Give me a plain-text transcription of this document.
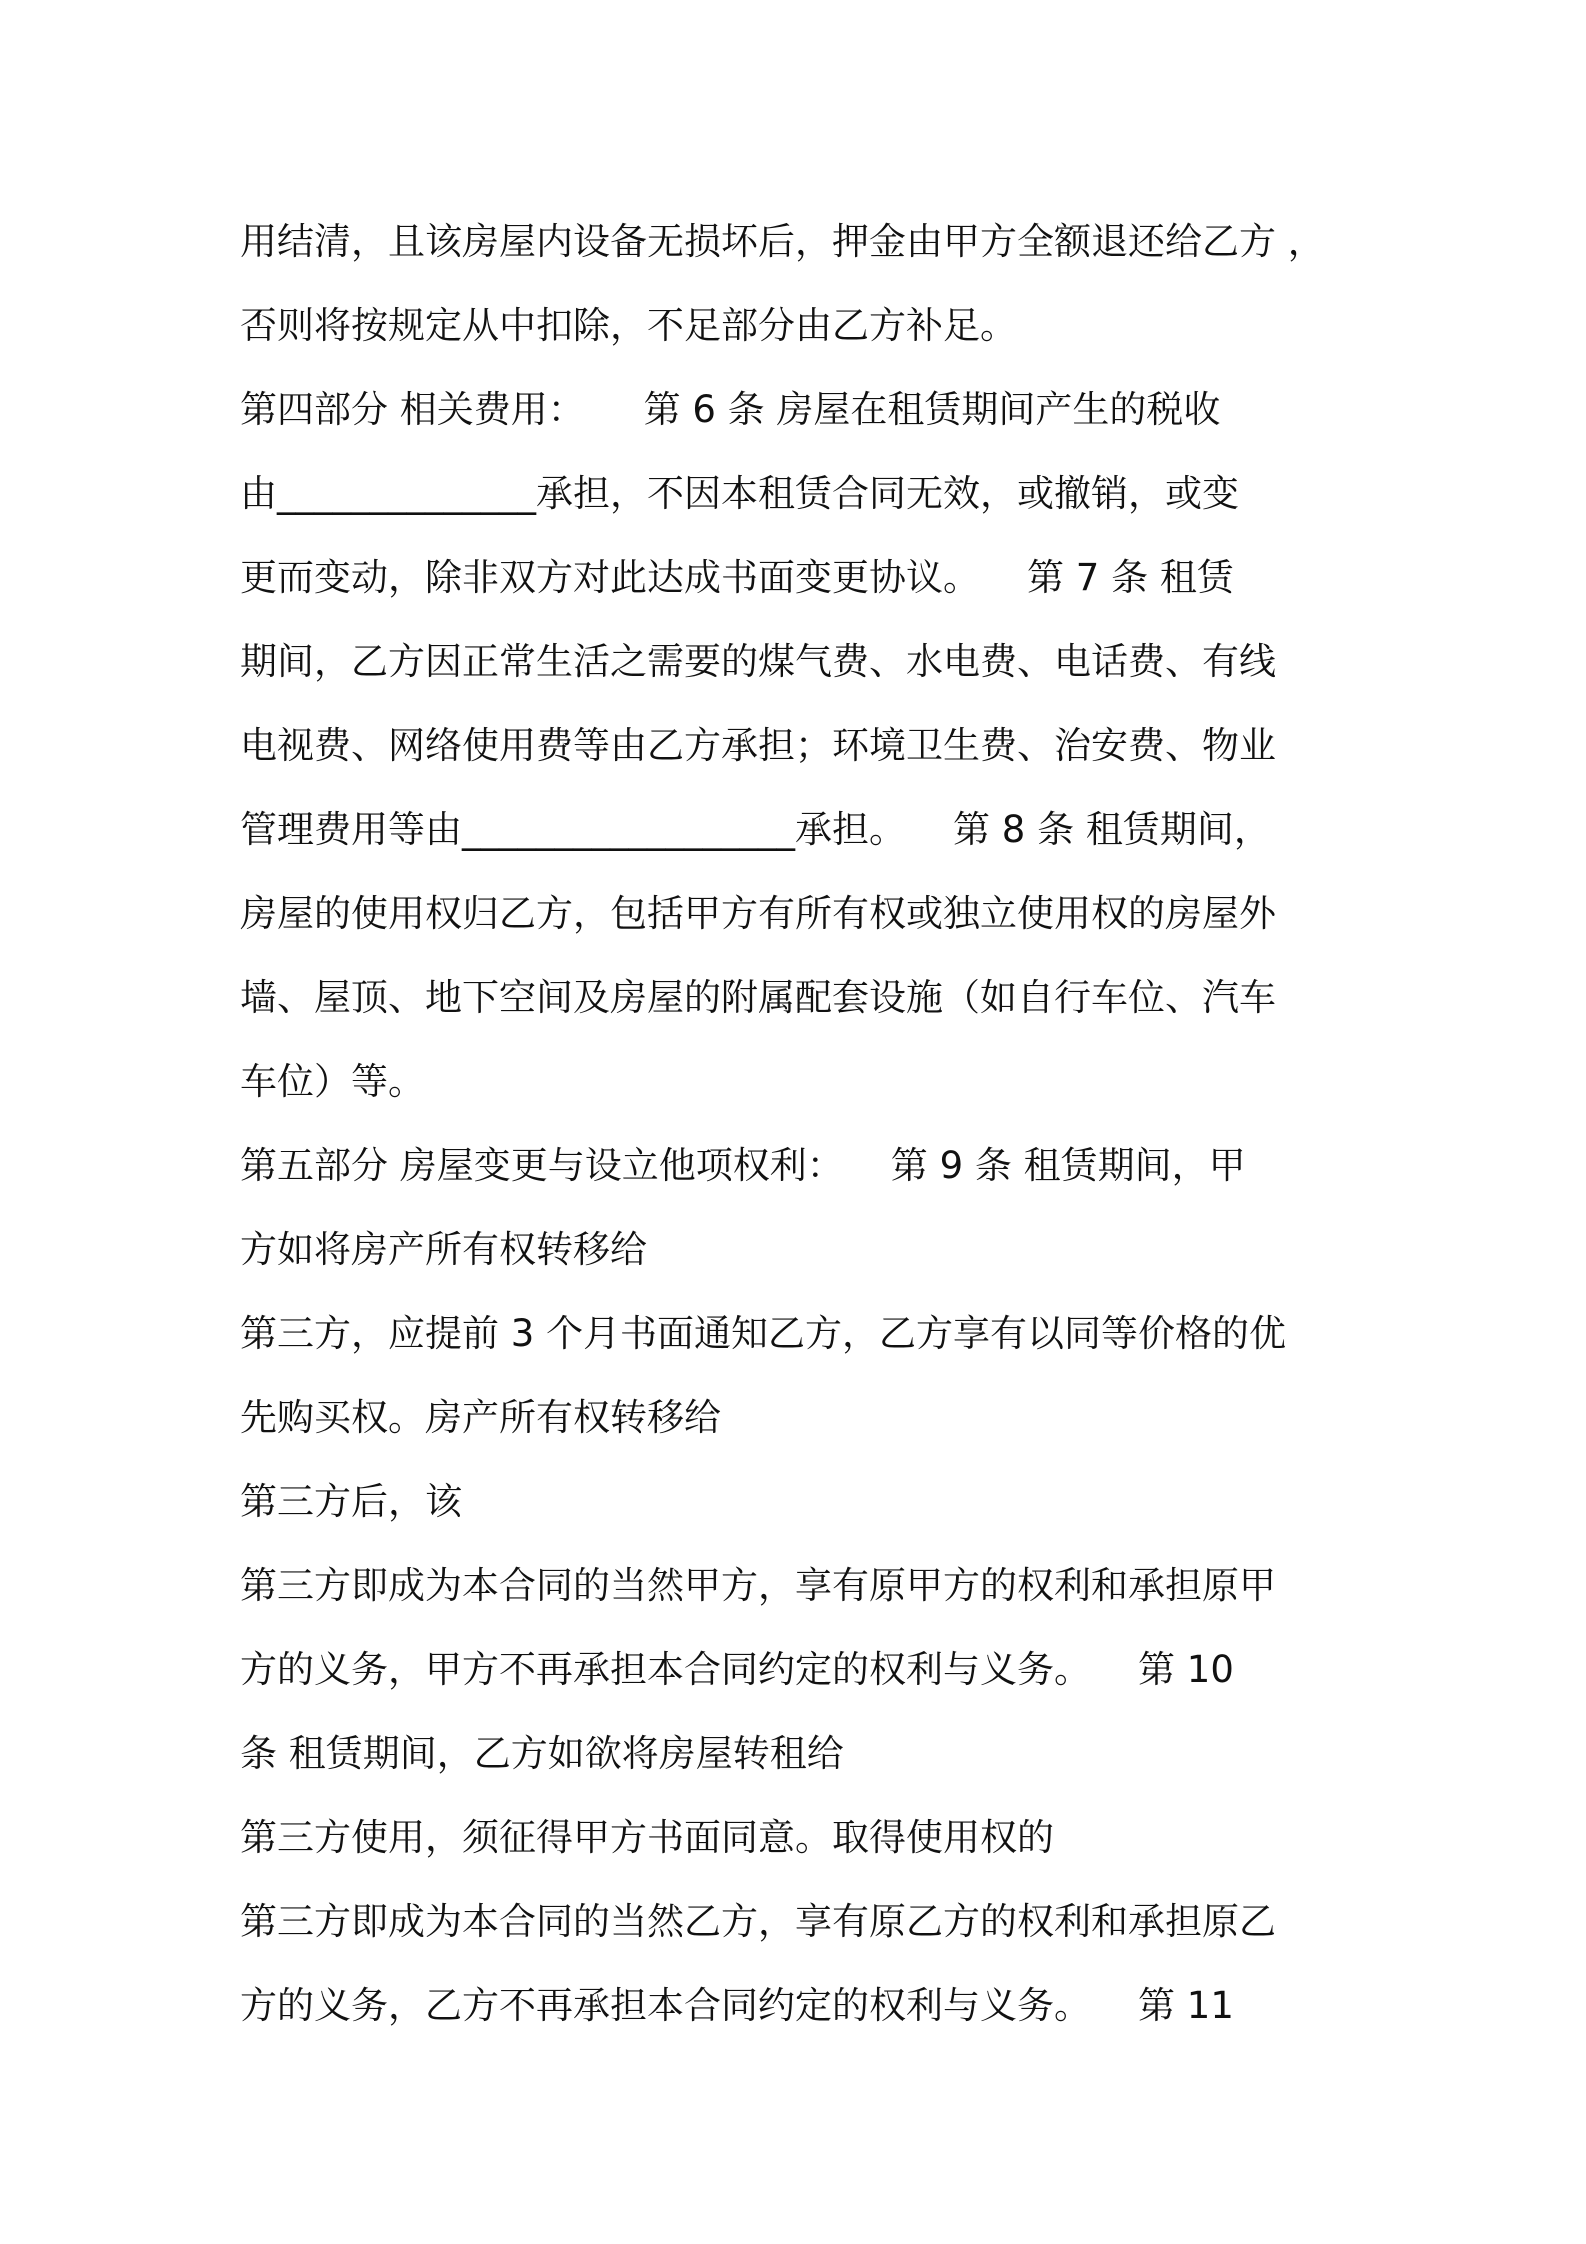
用结清，且该房屋内设备无损坏后，押金由甲方全额退还给乙方 ，
否则将按规定从中扣除，不足部分由乙方补足。
第四部分 相关费用：     第 6 条 房屋在租赁期间产生的税收
由______________承担，不因本租赁合同无效，或撤销，或变
更而变动，除非双方对此达成书面变更协议。    第 7 条 租赁
期间，乙方因正常生活之需要的煤气费、水电费、电话费、有线
电视费、网络使用费等由乙方承担；环境卫生费、治安费、物业
管理费用等由__________________承担。    第 8 条 租赁期间，
房屋的使用权归乙方，包括甲方有所有权或独立使用权的房屋外
墙、屋顶、地下空间及房屋的附属配套设施（如自行车位、汽车
车位）等。
第五部分 房屋变更与设立他项权利：    第 9 条 租赁期间，甲
方如将房产所有权转移给
第三方，应提前 3 个月书面通知乙方，乙方享有以同等价格的优
先购买权。房产所有权转移给
第三方后，该
第三方即成为本合同的当然甲方，享有原甲方的权利和承担原甲
方的义务，甲方不再承担本合同约定的权利与义务。    第 10
条 租赁期间，乙方如欲将房屋转租给
第三方使用，须征得甲方书面同意。取得使用权的
第三方即成为本合同的当然乙方，享有原乙方的权利和承担原乙
方的义务，乙方不再承担本合同约定的权利与义务。    第 11
